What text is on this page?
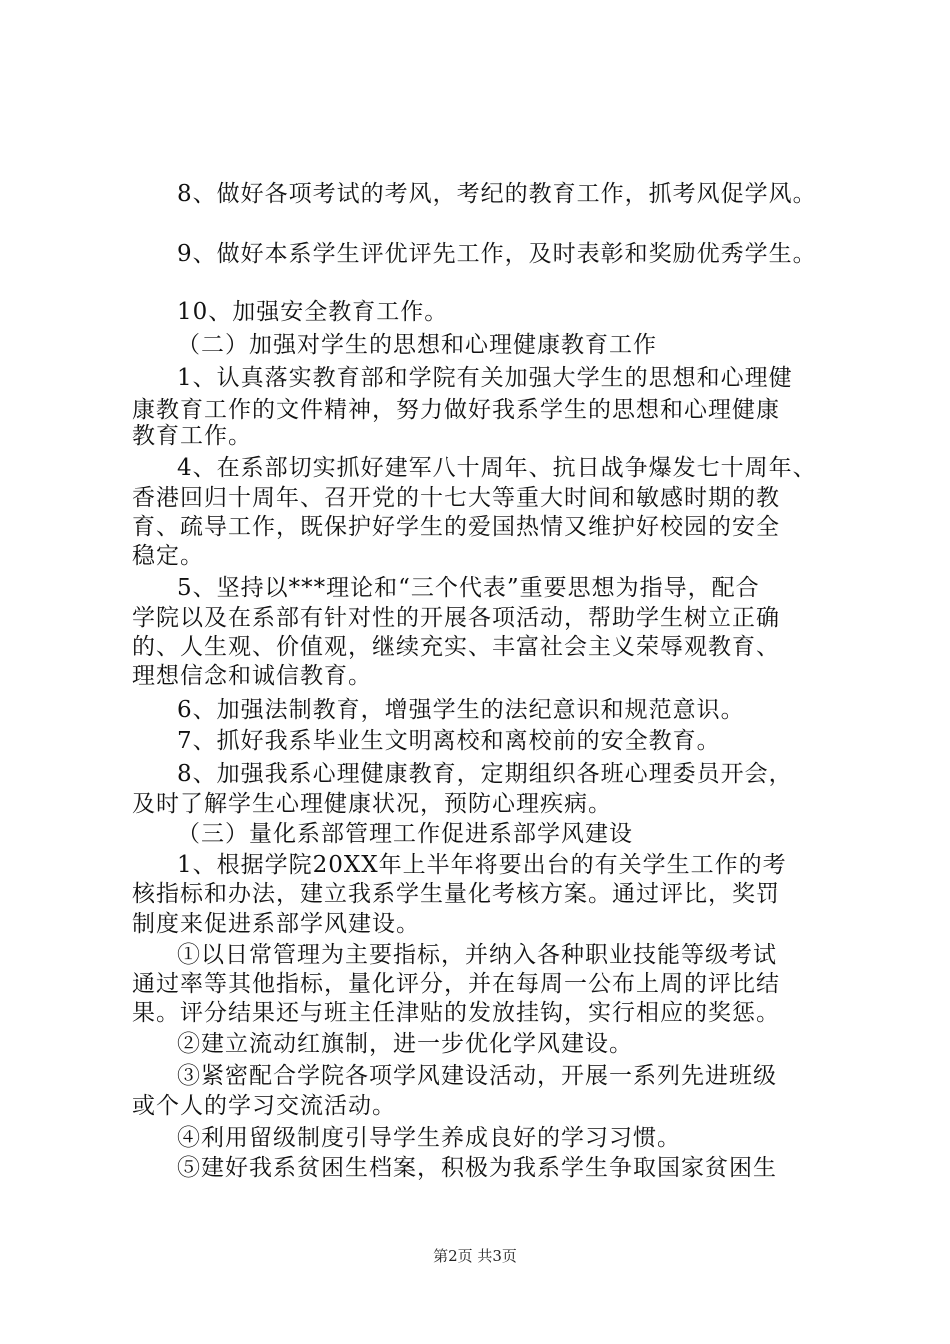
8、做好各项考试的考风，考纪的教育工作，抓考风促学风。
9、做好本系学生评优评先工作，及时表彰和奖励优秀学生。
10、加强安全教育工作。
（二）加强对学生的思想和心理健康教育工作
1、认真落实教育部和学院有关加强大学生的思想和心理健
康教育工作的文件精神，努力做好我系学生的思想和心理健康
教育工作。
4、在系部切实抓好建军八十周年、抗日战争爆发七十周年、
香港回归十周年、召开党的十七大等重大时间和敏感时期的教
育、疏导工作，既保护好学生的爱国热情又维护好校园的安全
稳定。
5、坚持以***理论和“三个代表”重要思想为指导，配合
学院以及在系部有针对性的开展各项活动，帮助学生树立正确
的、人生观、价值观，继续充实、丰富社会主义荣辱观教育、
理想信念和诚信教育。
6、加强法制教育，增强学生的法纪意识和规范意识。
7、抓好我系毕业生文明离校和离校前的安全教育。
8、加强我系心理健康教育，定期组织各班心理委员开会，
及时了解学生心理健康状况，预防心理疾病。
（三）量化系部管理工作促进系部学风建设
1、根据学院20XX年上半年将要出台的有关学生工作的考
核指标和办法，建立我系学生量化考核方案。通过评比，奖罚
制度来促进系部学风建设。
①以日常管理为主要指标，并纳入各种职业技能等级考试
通过率等其他指标，量化评分，并在每周一公布上周的评比结
果。评分结果还与班主任津贴的发放挂钩，实行相应的奖惩。
②建立流动红旗制，进一步优化学风建设。
③紧密配合学院各项学风建设活动，开展一系列先进班级
或个人的学习交流活动。
④利用留级制度引导学生养成良好的学习习惯。
⑤建好我系贫困生档案，积极为我系学生争取国家贫困生
第2页 共3页
